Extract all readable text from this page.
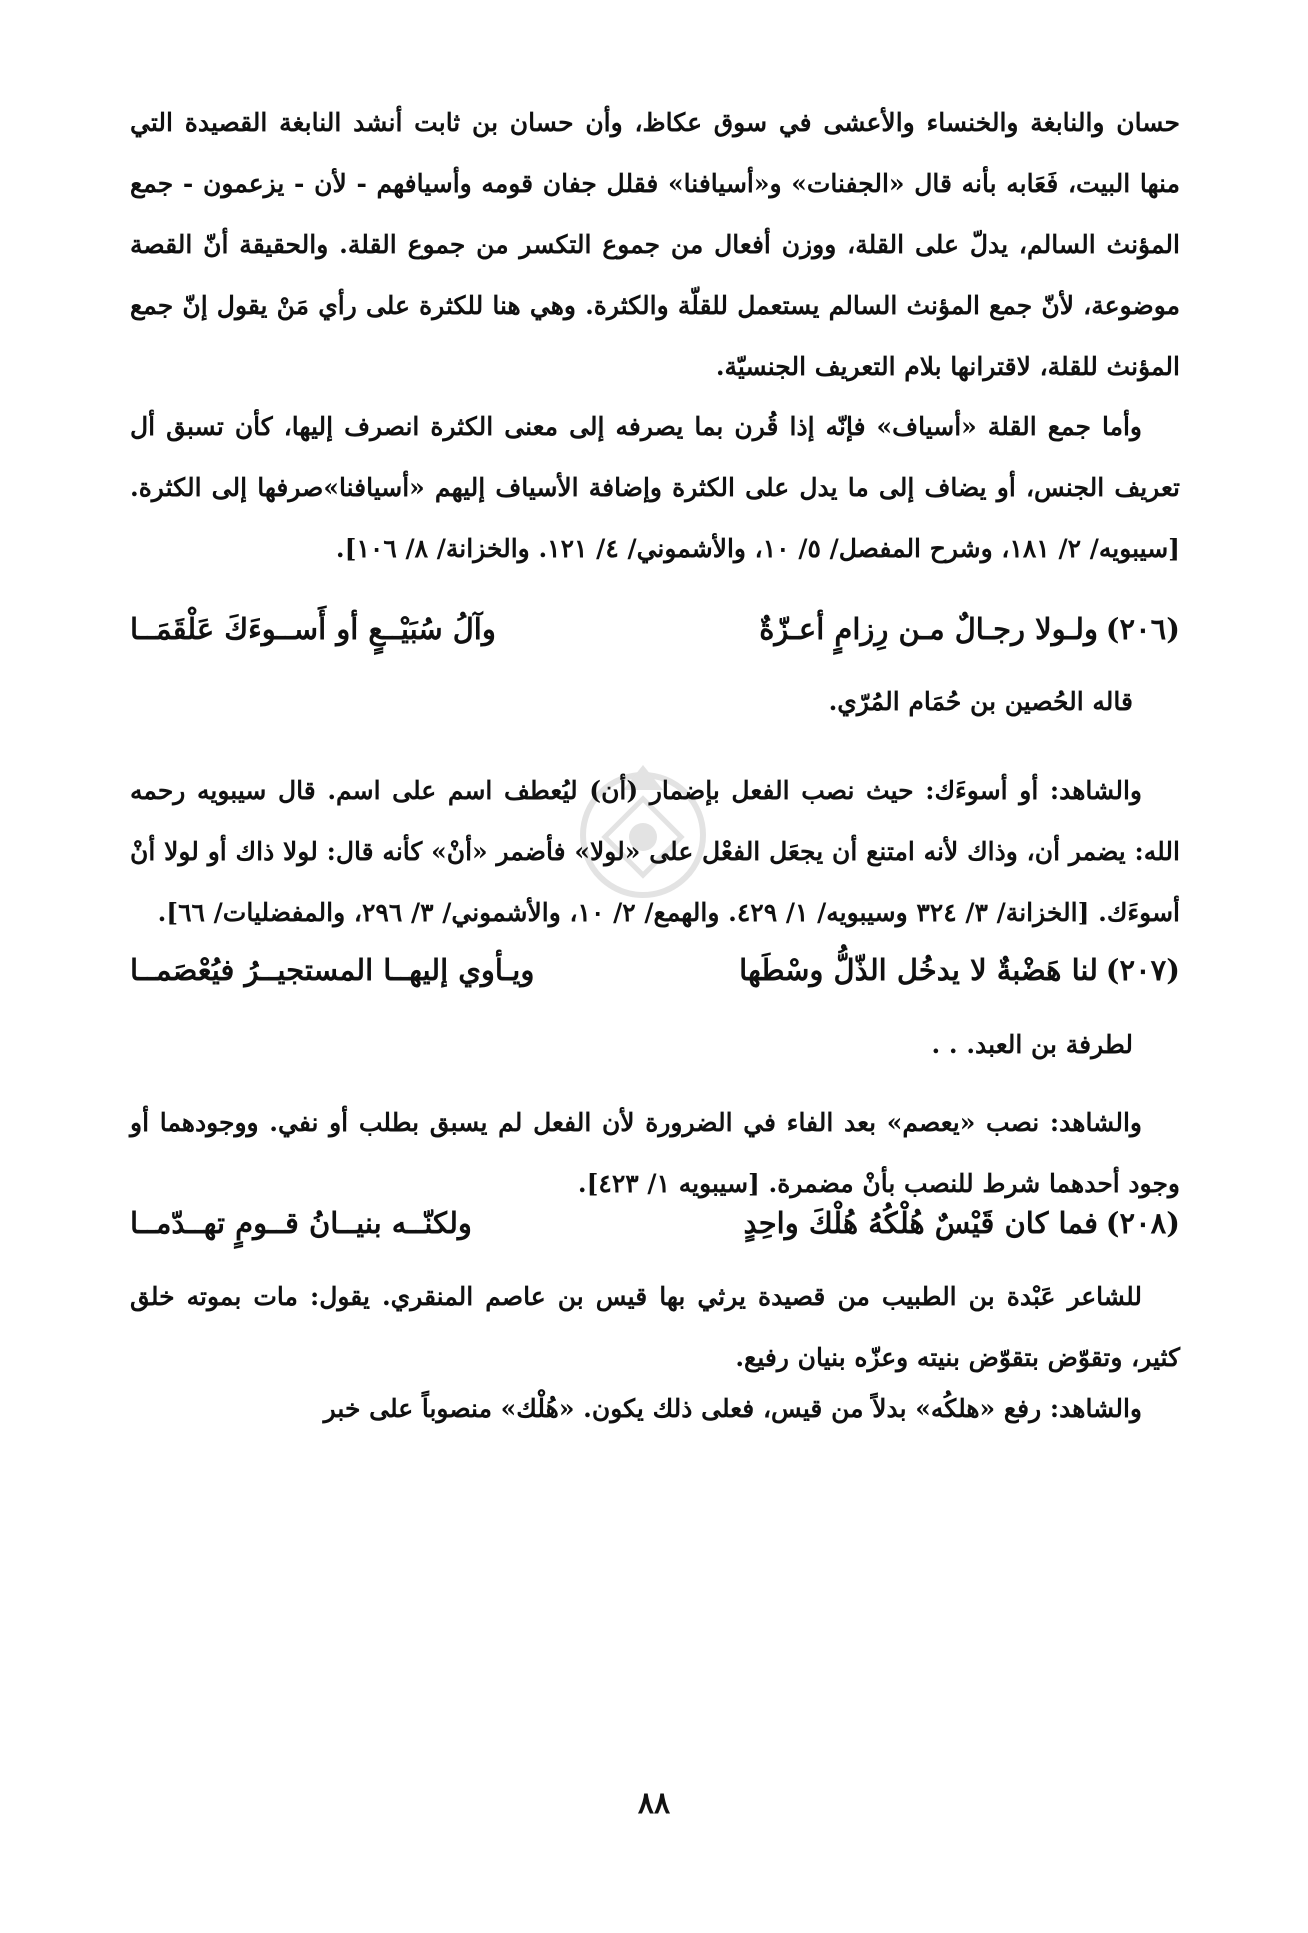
حسان والنابغة والخنساء والأعشى في سوق عكاظ، وأن حسان بن ثابت أنشد النابغة القصيدة التي منها البيت، فَعَابه بأنه قال «الجفنات» و«أسيافنا» فقلل جفان قومه وأسيافهم - لأن - يزعمون - جمع المؤنث السالم، يدلّ على القلة، ووزن أفعال من جموع التكسر من جموع القلة. والحقيقة أنّ القصة موضوعة، لأنّ جمع المؤنث السالم يستعمل للقلّة والكثرة. وهي هنا للكثرة على رأي مَنْ يقول إنّ جمع المؤنث للقلة، لاقترانها بلام التعريف الجنسيّة.
وأما جمع القلة «أسياف» فإنّه إذا قُرن بما يصرفه إلى معنى الكثرة انصرف إليها، كأن تسبق أل تعريف الجنس، أو يضاف إلى ما يدل على الكثرة وإضافة الأسياف إليهم «أسيافنا»صرفها إلى الكثرة. [سيبويه/ ٢/ ١٨١، وشرح المفصل/ ٥/ ١٠، والأشموني/ ٤/ ١٢١. والخزانة/ ٨/ ١٠٦].
(٢٠٦)
ولـولا رجـالٌ مـن رِزامٍ أعـزّةٌ
وآلُ سُبَيْــعٍ أو أَســوءَكَ عَلْقَمَــا
قاله الحُصين بن حُمَام المُرّي.
والشاهد: أو أسوءَك: حيث نصب الفعل بإضمار (أن) ليُعطف اسم على اسم. قال سيبويه رحمه الله: يضمر أن، وذاك لأنه امتنع أن يجعَل الفعْل على «لولا» فأضمر «أنْ» كأنه قال: لولا ذاك أو لولا أنْ أسوءَك. [الخزانة/ ٣/ ٣٢٤ وسيبويه/ ١/ ٤٢٩. والهمع/ ٢/ ١٠، والأشموني/ ٣/ ٢٩٦، والمفضليات/ ٦٦].
(٢٠٧)
لنا هَضْبةٌ لا يدخُل الذّلُّ وسْطَها
ويـأوي إليهــا المستجيــرُ فيُعْصَمــا
لطرفة بن العبد. . .
والشاهد: نصب «يعصم» بعد الفاء في الضرورة لأن الفعل لم يسبق بطلب أو نفي. ووجودهما أو وجود أحدهما شرط للنصب بأنْ مضمرة. [سيبويه ١/ ٤٢٣].
(٢٠٨)
فما كان قَيْسٌ هُلْكُهُ هُلْكَ واحِدٍ
ولكنّــه بنيــانُ قــومٍ تهــدّمــا
للشاعر عَبْدة بن الطبيب من قصيدة يرثي بها قيس بن عاصم المنقري. يقول: مات بموته خلق كثير، وتقوّض بتقوّض بنيته وعزّه بنيان رفيع.
والشاهد: رفع «هلكُه» بدلاً من قيس، فعلى ذلك يكون. «هُلْك» منصوباً على خبر
٨٨
